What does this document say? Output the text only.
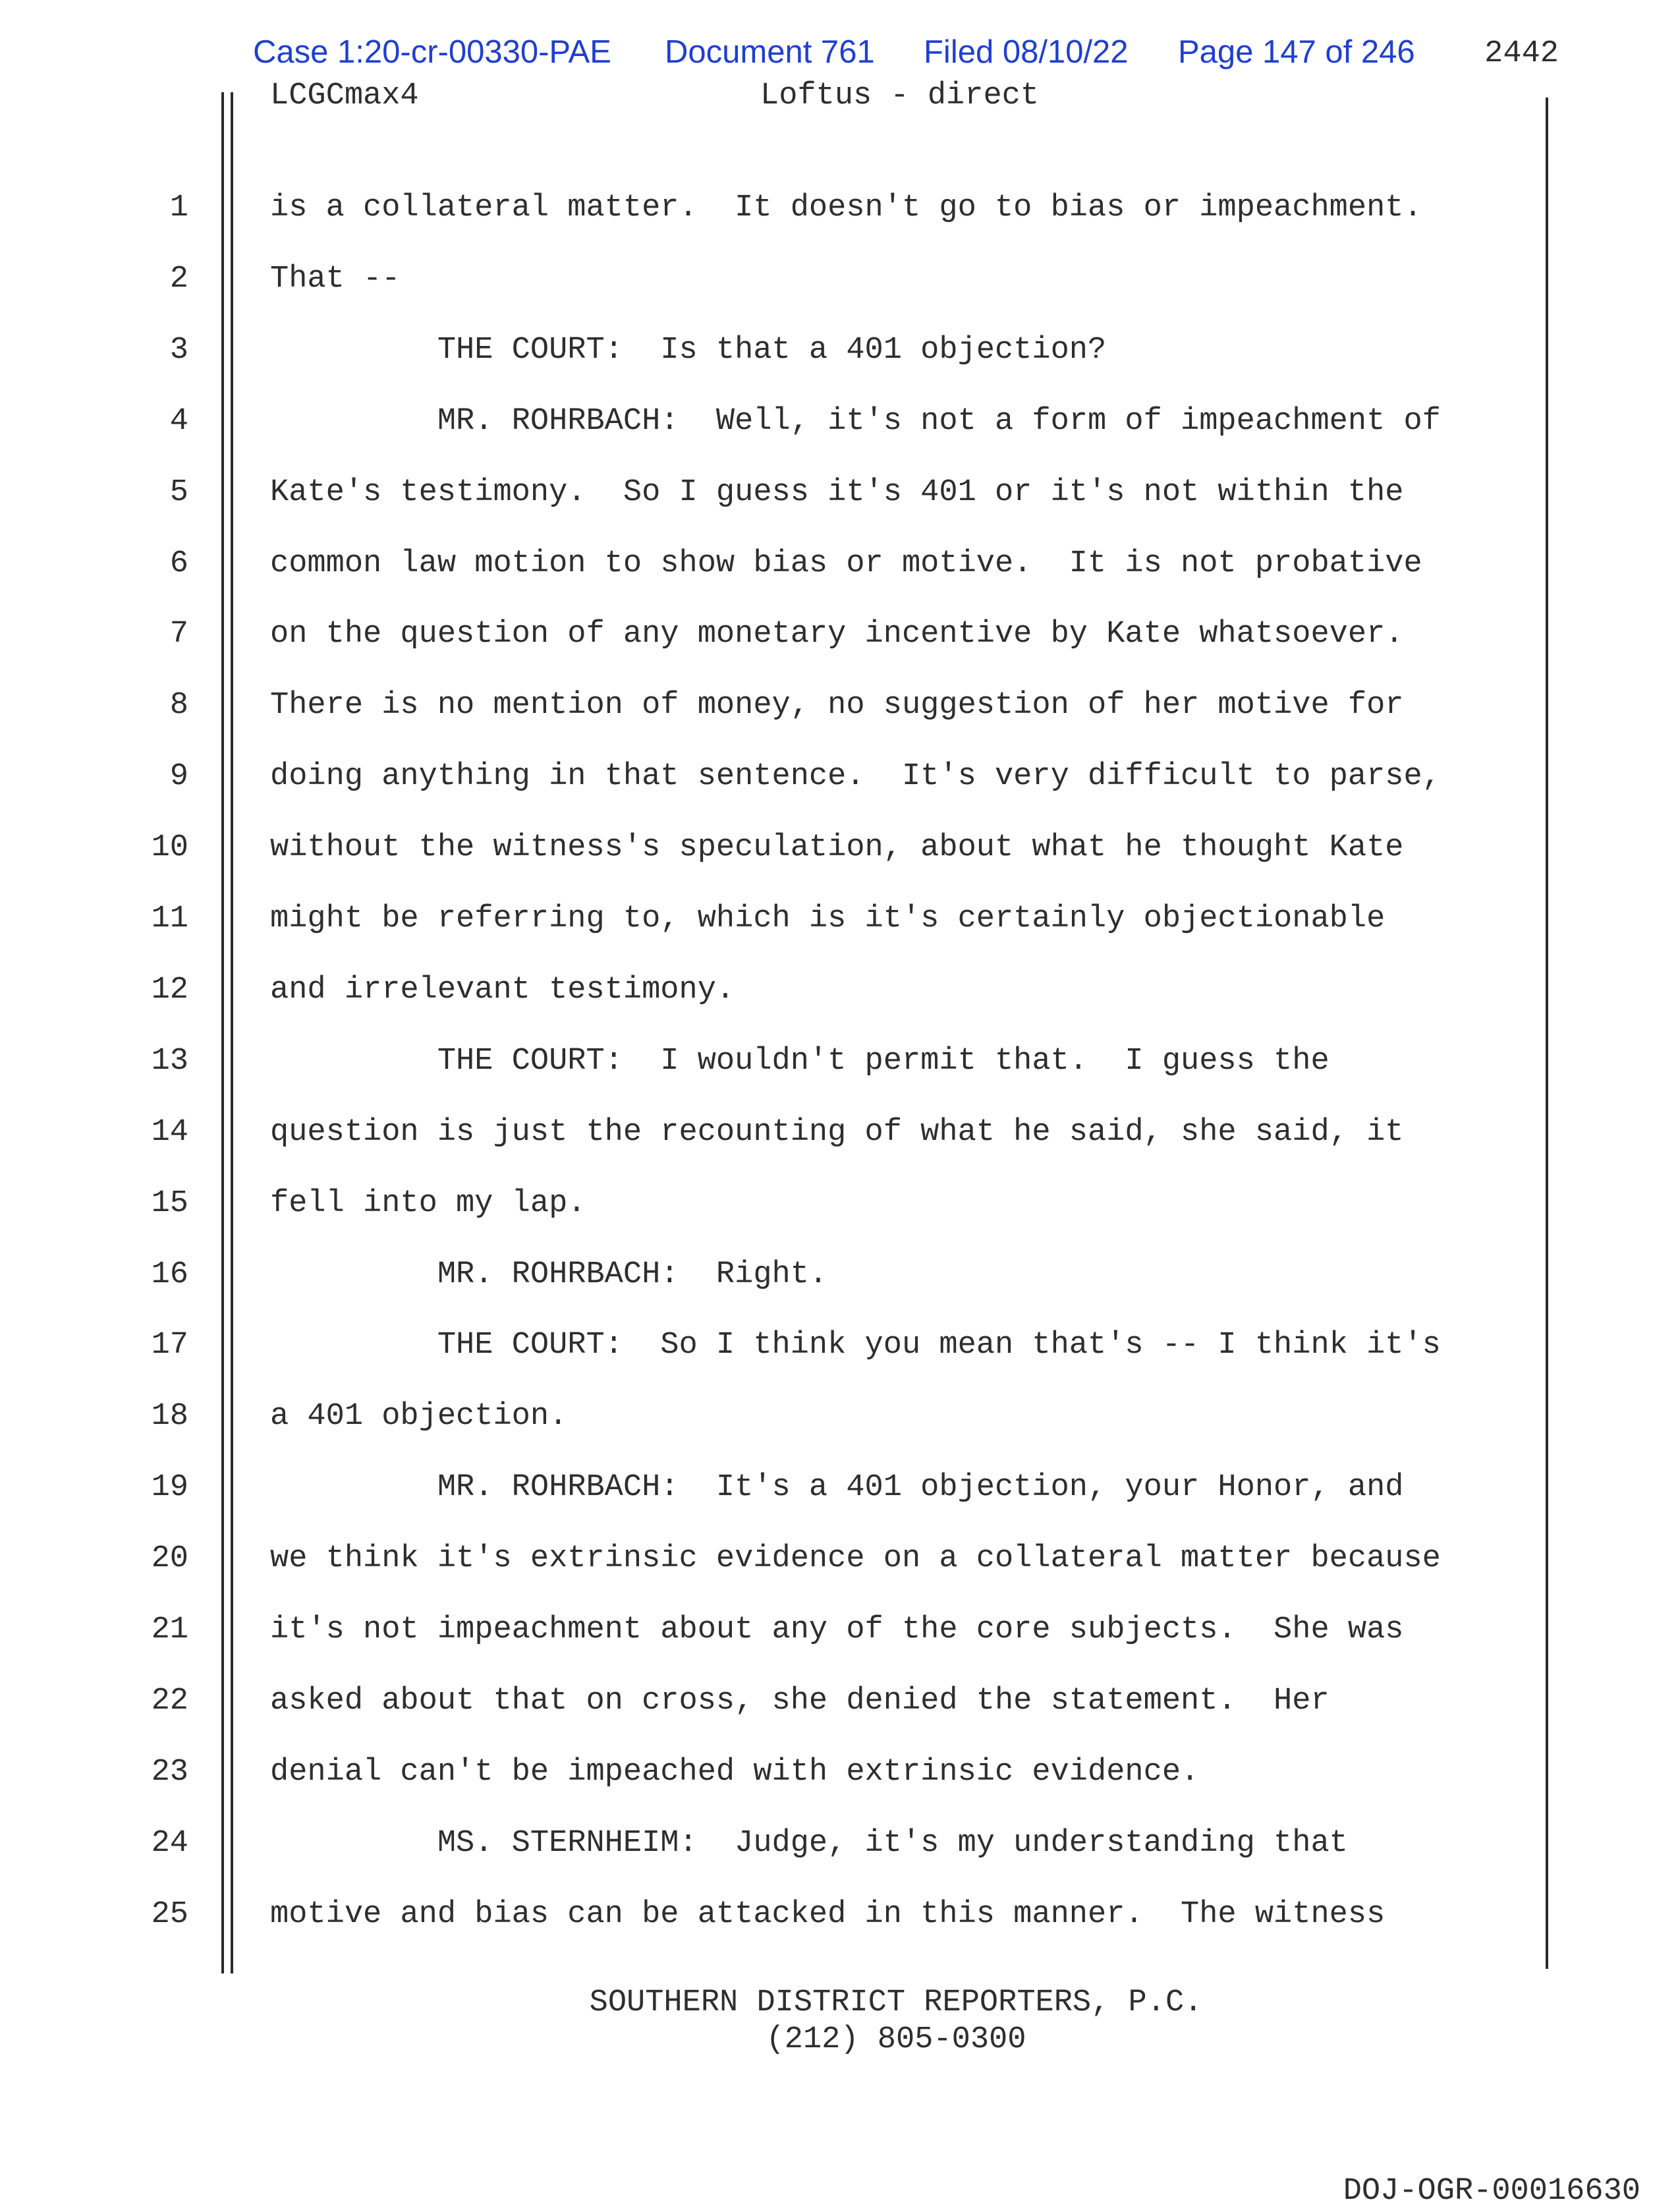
Case 1:20-cr-00330-PAE Document 761 Filed 08/10/22 Page 147 of 246 2442
LCGCmax4	Loftus - direct
1	is a collateral matter.  It doesn't go to bias or impeachment.
2	That --
3	THE COURT:  Is that a 401 objection?
4	MR. ROHRBACH:  Well, it's not a form of impeachment of
5	Kate's testimony.  So I guess it's 401 or it's not within the
6	common law motion to show bias or motive.  It is not probative
7	on the question of any monetary incentive by Kate whatsoever.
8	There is no mention of money, no suggestion of her motive for
9	doing anything in that sentence.  It's very difficult to parse,
10	without the witness's speculation, about what he thought Kate
11	might be referring to, which is it's certainly objectionable
12	and irrelevant testimony.
13	THE COURT:  I wouldn't permit that.  I guess the
14	question is just the recounting of what he said, she said, it
15	fell into my lap.
16	MR. ROHRBACH:  Right.
17	THE COURT:  So I think you mean that's -- I think it's
18	a 401 objection.
19	MR. ROHRBACH:  It's a 401 objection, your Honor, and
20	we think it's extrinsic evidence on a collateral matter because
21	it's not impeachment about any of the core subjects.  She was
22	asked about that on cross, she denied the statement.  Her
23	denial can't be impeached with extrinsic evidence.
24	MS. STERNHEIM:  Judge, it's my understanding that
25	motive and bias can be attacked in this manner.  The witness
SOUTHERN DISTRICT REPORTERS, P.C.
(212) 805-0300
DOJ-OGR-00016630
